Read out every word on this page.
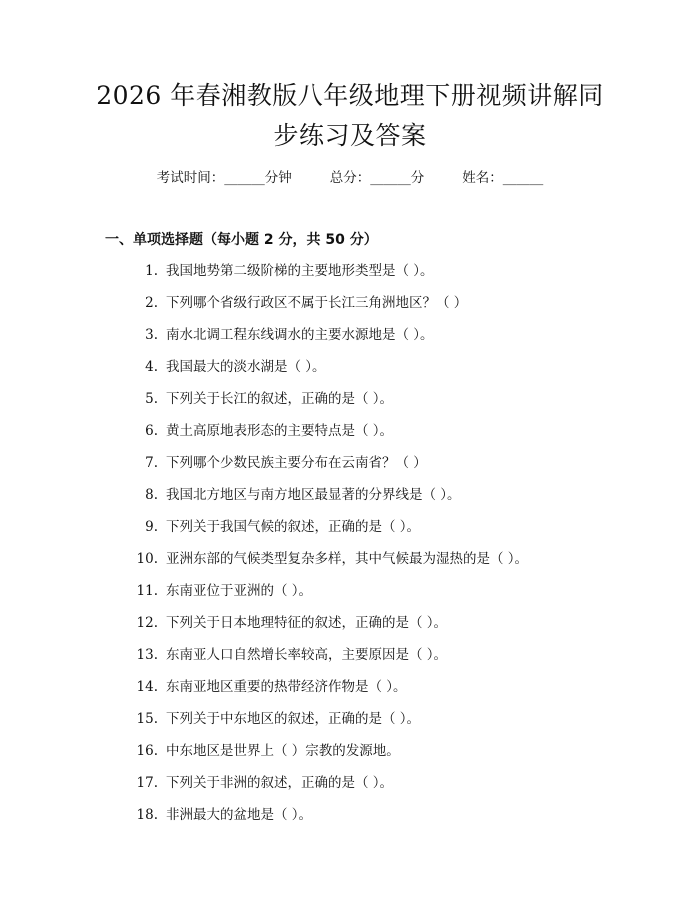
2026 年春湘教版八年级地理下册视频讲解同
步练习及答案
考试时间：______分钟	总分：______分	姓名：______
一、单项选择题（每小题 2 分，共 50 分）
1. 我国地势第二级阶梯的主要地形类型是（ ）。
2. 下列哪个省级行政区不属于长江三角洲地区？（ ）
3. 南水北调工程东线调水的主要水源地是（ ）。
4. 我国最大的淡水湖是（ ）。
5. 下列关于长江的叙述，正确的是（ ）。
6. 黄土高原地表形态的主要特点是（ ）。
7. 下列哪个少数民族主要分布在云南省？（ ）
8. 我国北方地区与南方地区最显著的分界线是（ ）。
9. 下列关于我国气候的叙述，正确的是（ ）。
10. 亚洲东部的气候类型复杂多样，其中气候最为湿热的是（ ）。
11. 东南亚位于亚洲的（ ）。
12. 下列关于日本地理特征的叙述，正确的是（ ）。
13. 东南亚人口自然增长率较高，主要原因是（ ）。
14. 东南亚地区重要的热带经济作物是（ ）。
15. 下列关于中东地区的叙述，正确的是（ ）。
16. 中东地区是世界上（ ）宗教的发源地。
17. 下列关于非洲的叙述，正确的是（ ）。
18. 非洲最大的盆地是（ ）。
